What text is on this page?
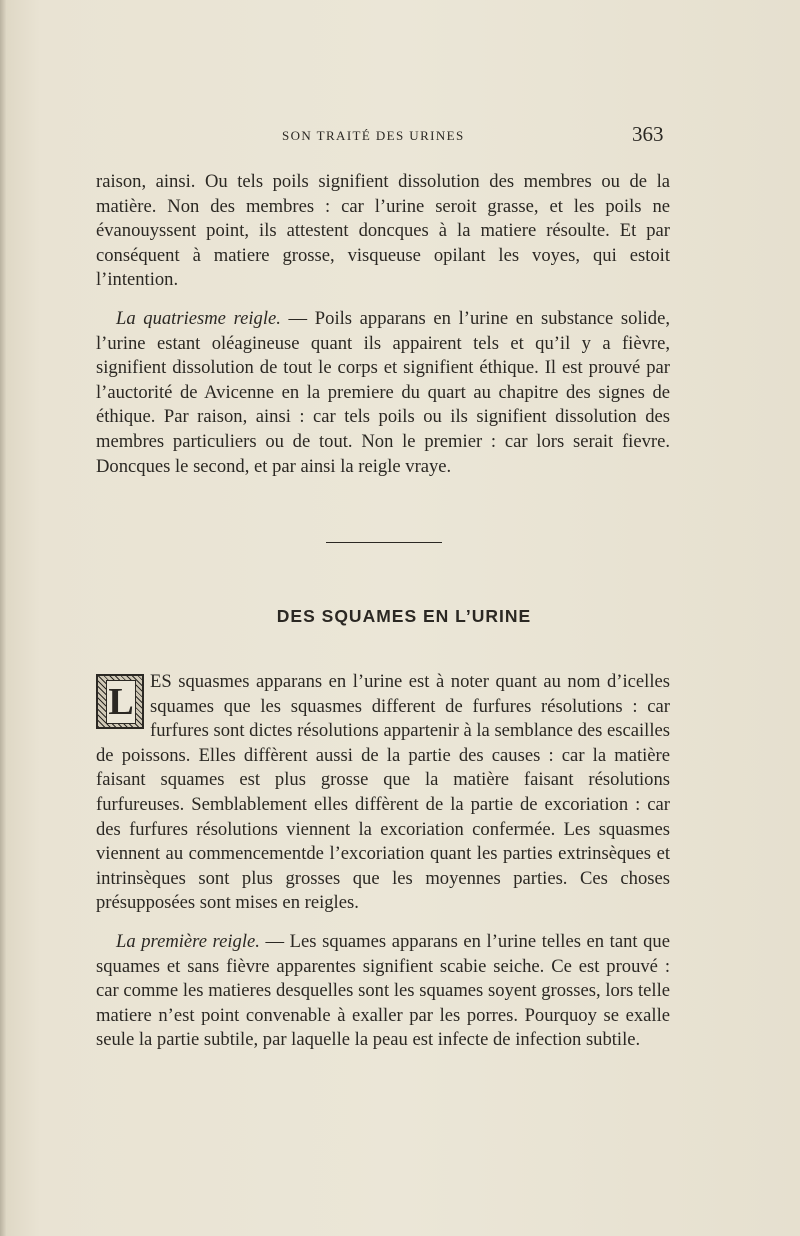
SON TRAITÉ DES URINES	363

raison, ainsi. Ou tels poils signifient dissolution des membres ou de la matière. Non des membres : car l’urine seroit grasse, et les poils ne évanouyssent point, ils attestent doncques à la matiere résoulte. Et par conséquent à matiere grosse, visqueuse opilant les voyes, qui estoit l’intention.

La quatriesme reigle. — Poils apparans en l’urine en substance solide, l’urine estant oléagineuse quant ils appairent tels et qu’il y a fièvre, signifient dissolution de tout le corps et signifient éthique. Il est prouvé par l’auctorité de Avicenne en la premiere du quart au chapitre des signes de éthique. Par raison, ainsi : car tels poils ou ils signifient dissolution des membres particuliers ou de tout. Non le premier : car lors serait fievre. Doncques le second, et par ainsi la reigle vraye.

DES SQUAMES EN L’URINE

L ES squasmes apparans en l’urine est à noter quant au nom d’icelles squames que les squasmes different de furfures résolutions : car furfures sont dictes résolutions appartenir à la semblance des escailles de poissons. Elles diffèrent aussi de la partie des causes : car la matière faisant squames est plus grosse que la matière faisant résolutions furfureuses. Semblablement elles diffèrent de la partie de excoriation : car des furfures résolutions viennent la excoriation confermée. Les squasmes viennent au commencementde l’excoriation quant les parties extrinsèques et intrinsèques sont plus grosses que les moyennes parties. Ces choses présupposées sont mises en reigles.

La première reigle. — Les squames apparans en l’urine telles en tant que squames et sans fièvre apparentes signifient scabie seiche. Ce est prouvé : car comme les matieres desquelles sont les squames soyent grosses, lors telle matiere n’est point convenable à exaller par les porres. Pourquoy se exalle seule la partie subtile, par laquelle la peau est infecte de infection subtile.
